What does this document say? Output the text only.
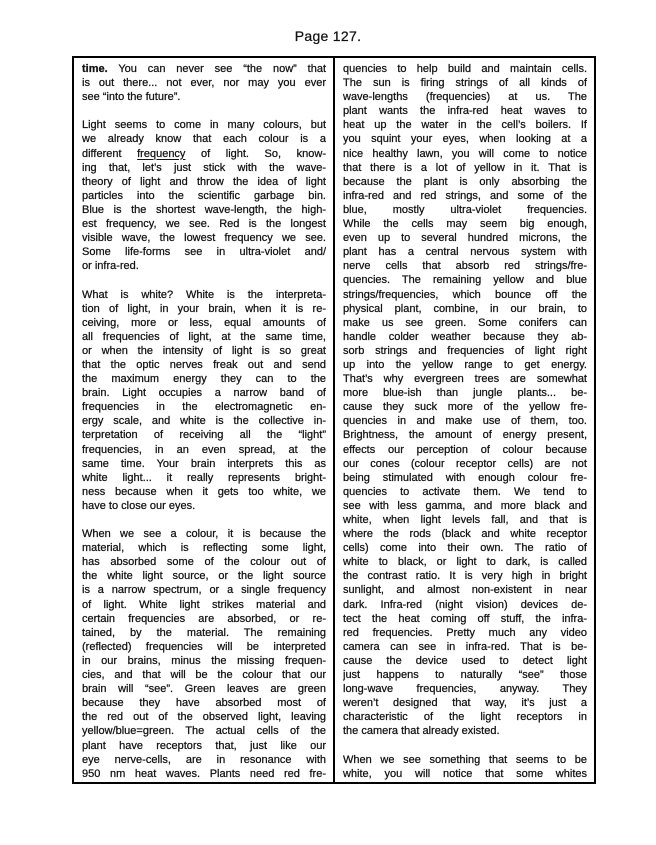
Page 127.
time. You can never see “the now” that
is out there... not ever, nor may you ever
see “into the future”.
Light seems to come in many colours, but
we already know that each colour is a
different frequency of light. So, know-
ing that, let’s just stick with the wave-
theory of light and throw the idea of light
particles into the scientific garbage bin.
Blue is the shortest wave-length, the high-
est frequency, we see. Red is the longest
visible wave, the lowest frequency we see.
Some life-forms see in ultra-violet and/
or infra-red.
What is white? White is the interpreta-
tion of light, in your brain, when it is re-
ceiving, more or less, equal amounts of
all frequencies of light, at the same time,
or when the intensity of light is so great
that the optic nerves freak out and send
the maximum energy they can to the
brain. Light occupies a narrow band of
frequencies in the electromagnetic en-
ergy scale, and white is the collective in-
terpretation of receiving all the “light”
frequencies, in an even spread, at the
same time. Your brain interprets this as
white light... it really represents bright-
ness because when it gets too white, we
have to close our eyes.
When we see a colour, it is because the
material, which is reflecting some light,
has absorbed some of the colour out of
the white light source, or the light source
is a narrow spectrum, or a single frequency
of light. White light strikes material and
certain frequencies are absorbed, or re-
tained, by the material. The remaining
(reflected) frequencies will be interpreted
in our brains, minus the missing frequen-
cies, and that will be the colour that our
brain will “see”. Green leaves are green
because they have absorbed most of
the red out of the observed light, leaving
yellow/blue=green. The actual cells of the
plant have receptors that, just like our
eye nerve-cells, are in resonance with
950 nm heat waves. Plants need red fre-
quencies to help build and maintain cells.
The sun is firing strings of all kinds of
wave-lengths (frequencies) at us. The
plant wants the infra-red heat waves to
heat up the water in the cell’s boilers. If
you squint your eyes, when looking at a
nice healthy lawn, you will come to notice
that there is a lot of yellow in it. That is
because the plant is only absorbing the
infra-red and red strings, and some of the
blue, mostly ultra-violet frequencies.
While the cells may seem big enough,
even up to several hundred microns, the
plant has a central nervous system with
nerve cells that absorb red strings/fre-
quencies. The remaining yellow and blue
strings/frequencies, which bounce off the
physical plant, combine, in our brain, to
make us see green. Some conifers can
handle colder weather because they ab-
sorb strings and frequencies of light right
up into the yellow range to get energy.
That’s why evergreen trees are somewhat
more blue-ish than jungle plants... be-
cause they suck more of the yellow fre-
quencies in and make use of them, too.
Brightness, the amount of energy present,
effects our perception of colour because
our cones (colour receptor cells) are not
being stimulated with enough colour fre-
quencies to activate them. We tend to
see with less gamma, and more black and
white, when light levels fall, and that is
where the rods (black and white receptor
cells) come into their own. The ratio of
white to black, or light to dark, is called
the contrast ratio. It is very high in bright
sunlight, and almost non-existent in near
dark. Infra-red (night vision) devices de-
tect the heat coming off stuff, the infra-
red frequencies. Pretty much any video
camera can see in infra-red. That is be-
cause the device used to detect light
just happens to naturally “see” those
long-wave frequencies, anyway. They
weren’t designed that way, it’s just a
characteristic of the light receptors in
the camera that already existed.
When we see something that seems to be
white, you will notice that some whites
